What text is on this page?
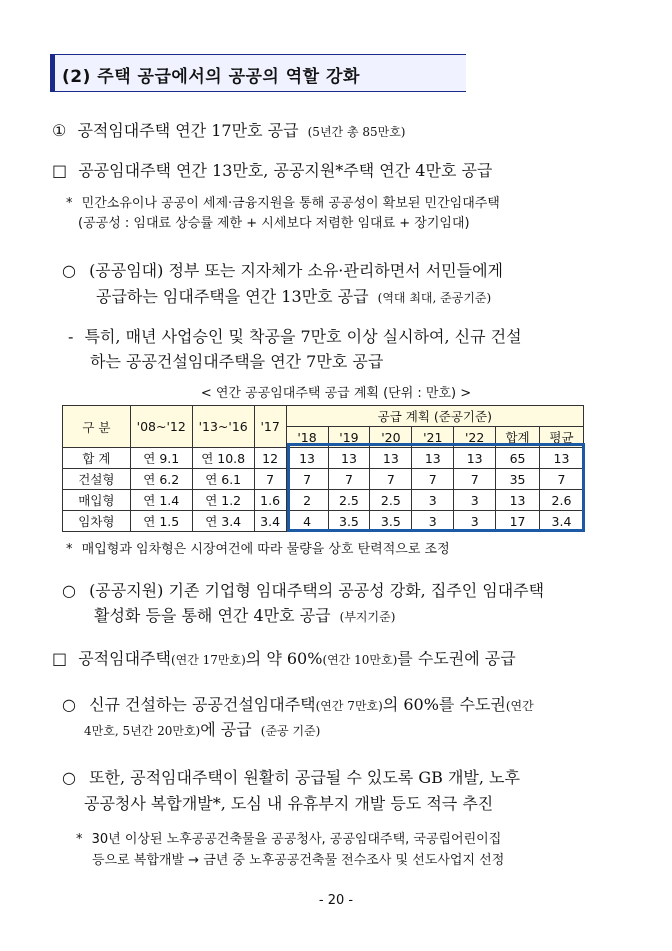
(2) 주택 공급에서의 공공의 역할 강화
① 공적임대주택 연간 17만호 공급 (5년간 총 85만호)
□ 공공임대주택 연간 13만호, 공공지원*주택 연간 4만호 공급
* 민간소유이나 공공이 세제·금융지원을 통해 공공성이 확보된 민간임대주택
(공공성 : 임대료 상승률 제한 + 시세보다 저렴한 임대료 + 장기임대)
○ (공공임대) 정부 또는 지자체가 소유·관리하면서 서민들에게
공급하는 임대주택을 연간 13만호 공급 (역대 최대, 준공기준)
- 특히, 매년 사업승인 및 착공을 7만호 이상 실시하여, 신규 건설
하는 공공건설임대주택을 연간 7만호 공급
< 연간 공공임대주택 공급 계획 (단위 : 만호) >
구 분	'08~'12	'13~'16	'17	공급 계획 (준공기준)						
				'18	'19	'20	'21	'22	합계	평균
합 계	연 9.1	연 10.8	12	13	13	13	13	13	65	13
건설형	연 6.2	연 6.1	7	7	7	7	7	7	35	7
매입형	연 1.4	연 1.2	1.6	2	2.5	2.5	3	3	13	2.6
임차형	연 1.5	연 3.4	3.4	4	3.5	3.5	3	3	17	3.4
* 매입형과 임차형은 시장여건에 따라 물량을 상호 탄력적으로 조정
○ (공공지원) 기존 기업형 임대주택의 공공성 강화, 집주인 임대주택
활성화 등을 통해 연간 4만호 공급 (부지기준)
□ 공적임대주택(연간 17만호)의 약 60%(연간 10만호)를 수도권에 공급
○ 신규 건설하는 공공건설임대주택(연간 7만호)의 60%를 수도권(연간
4만호, 5년간 20만호)에 공급 (준공 기준)
○ 또한, 공적임대주택이 원활히 공급될 수 있도록 GB 개발, 노후
공공청사 복합개발*, 도심 내 유휴부지 개발 등도 적극 추진
* 30년 이상된 노후공공건축물을 공공청사, 공공임대주택, 국공립어린이집
등으로 복합개발 → 금년 중 노후공공건축물 전수조사 및 선도사업지 선정
- 20 -
